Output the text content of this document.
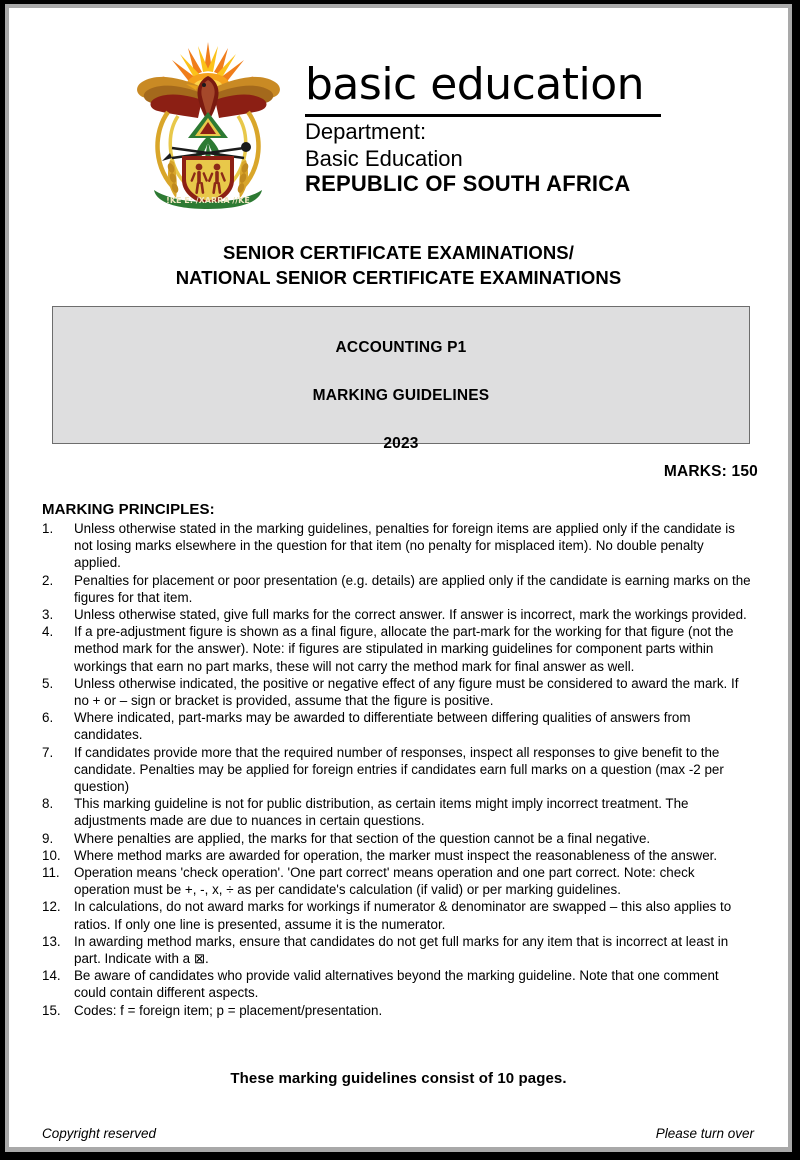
!KE E: /XARRA //KE
basic education
Department:
Basic Education
REPUBLIC OF SOUTH AFRICA
SENIOR CERTIFICATE EXAMINATIONS/
NATIONAL SENIOR CERTIFICATE EXAMINATIONS
ACCOUNTING P1
MARKING GUIDELINES
2023
MARKS: 150
MARKING PRINCIPLES:
1.	Unless otherwise stated in the marking guidelines, penalties for foreign items are applied only if the candidate is not losing marks elsewhere in the question for that item (no penalty for misplaced item). No double penalty applied.
2.	Penalties for placement or poor presentation (e.g. details) are applied only if the candidate is earning marks on the figures for that item.
3.	Unless otherwise stated, give full marks for the correct answer. If answer is incorrect, mark the workings provided.
4.	If a pre-adjustment figure is shown as a final figure, allocate the part-mark for the working for that figure (not the method mark for the answer). Note: if figures are stipulated in marking guidelines for component parts within workings that earn no part marks, these will not carry the method mark for final answer as well.
5.	Unless otherwise indicated, the positive or negative effect of any figure must be considered to award the mark. If no + or – sign or bracket is provided, assume that the figure is positive.
6.	Where indicated, part-marks may be awarded to differentiate between differing qualities of answers from candidates.
7.	If candidates provide more that the required number of responses, inspect all responses to give benefit to the candidate. Penalties may be applied for foreign entries if candidates earn full marks on a question (max -2 per question)
8.	This marking guideline is not for public distribution, as certain items might imply incorrect treatment. The adjustments made are due to nuances in certain questions.
9.	Where penalties are applied, the marks for that section of the question cannot be a final negative.
10. Where method marks are awarded for operation, the marker must inspect the reasonableness of the answer.
11.	Operation means 'check operation'. 'One part correct' means operation and one part correct. Note: check operation must be +, -, x, ÷ as per candidate's calculation (if valid) or per marking guidelines.
12. In calculations, do not award marks for workings if numerator & denominator are swapped – this also applies to ratios. If only one line is presented, assume it is the numerator.
13. In awarding method marks, ensure that candidates do not get full marks for any item that is incorrect at least in part. Indicate with a ⊠.
14. Be aware of candidates who provide valid alternatives beyond the marking guideline. Note that one comment could contain different aspects.
15. Codes: f = foreign item; p = placement/presentation.
These marking guidelines consist of 10 pages.
Copyright reserved	Please turn over
